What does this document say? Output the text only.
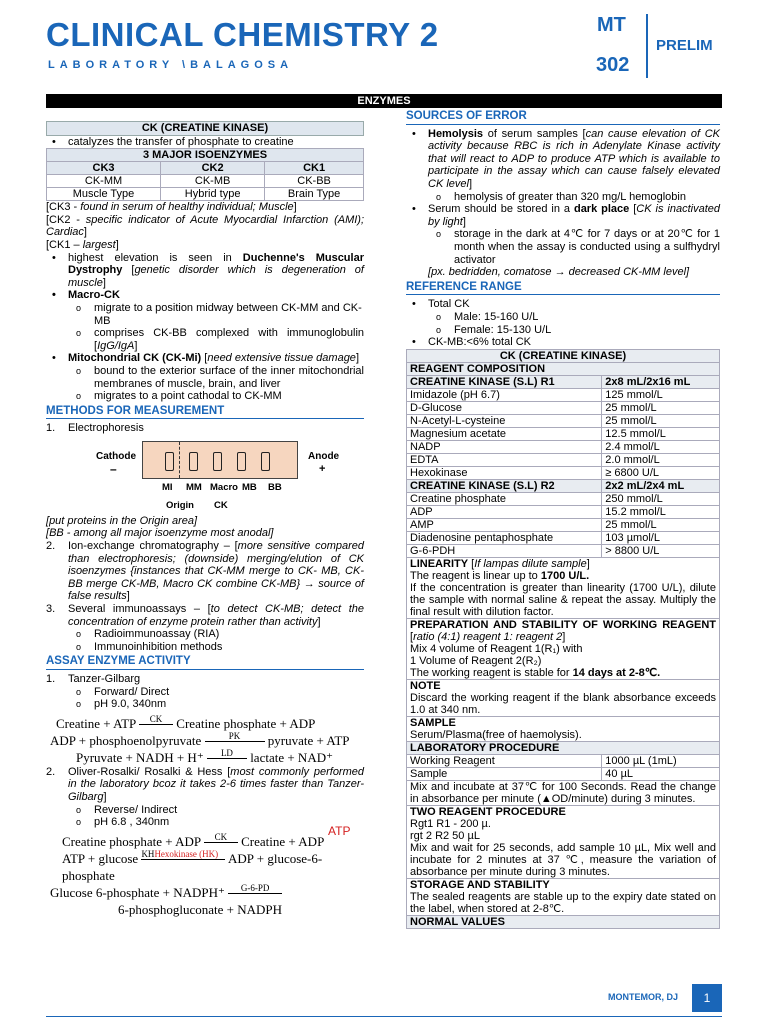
CLINICAL CHEMISTRY 2
LABORATORY \BALAGOSA
MT
302
PRELIM
ENZYMES
CK (CREATINE KINASE)
• catalyzes the transfer of phosphate to creatine
3 MAJOR ISOENZYMES		
CK3	CK2	CK1
CK-MM	CK-MB	CK-BB
Muscle Type	Hybrid type	Brain Type
[CK3 - found in serum of healthy individual; Muscle]
[CK2 - specific indicator of Acute Myocardial Infarction (AMI); Cardiac]
[CK1 – largest]
• highest elevation is seen in Duchenne's Muscular Dystrophy [genetic disorder which is degeneration of muscle]
• Macro-CK
o migrate to a position midway between CK-MM and CK-MB
o comprises CK-BB complexed with immunoglobulin [IgG/IgA]
• Mitochondrial CK (CK-Mi) [need extensive tissue damage]
o bound to the exterior surface of the inner mitochondrial membranes of muscle, brain, and liver
o migrates to a point cathodal to CK-MM
METHODS FOR MEASUREMENT
1. Electrophoresis
Cathode
–
Anode
+
MI MM Macro MB BB
Origin CK
[put proteins in the Origin area]
[BB - among all major isoenzyme most anodal]
2. Ion-exchange chromatography – [more sensitive compared than electrophoresis; (downside) merging/elution of CK isoenzymes {instances that CK-MM merge to CK- MB, CK-BB merge CK-MB, Macro CK combine CK-MB} → source of false results]
3. Several immunoassays – [to detect CK-MB; detect the concentration of enzyme protein rather than activity]
o Radioimmunoassay (RIA)
o Immunoinhibition methods
ASSAY ENZYME ACTIVITY
1. Tanzer-Gilbarg
o Forward/ Direct
o pH 9.0, 340nm
Creatine + ATP CK Creatine phosphate + ADP
ADP + phosphoenolpyruvate	PK pyruvate + ATP
Pyruvate + NADH + H⁺ LD lactate + NAD⁺
2. Oliver-Rosalki/ Rosalki & Hess [most commonly performed in the laboratory bcoz it takes 2-6 times faster than Tanzer-Gilbarg]
o Reverse/ Indirect
o pH 6.8 , 340nm
ATP
Creatine phosphate + ADP CK Creatine + ADP
ATP + glucose KHHexokinase (HK) ADP + glucose-6-phosphate
Glucose 6-phosphate + NADPH⁺ G-6-PD
6-phosphogluconate + NADPH
SOURCES OF ERROR
• Hemolysis of serum samples [can cause elevation of CK activity because RBC is rich in Adenylate Kinase activity that will react to ADP to produce ATP which is available to participate in the assay which can cause falsely elevated CK level]
o hemolysis of greater than 320 mg/L hemoglobin
• Serum should be stored in a dark place [CK is inactivated by light]
o storage in the dark at 4℃ for 7 days or at 20℃ for 1 month when the assay is conducted using a sulfhydryl activator
[px. bedridden, comatose → decreased CK-MM level]
REFERENCE RANGE
• Total CK
o Male: 15-160 U/L
o Female: 15-130 U/L
• CK-MB:<6% total CK
CK (CREATINE KINASE)	
REAGENT COMPOSITION	
CREATINE KINASE (S.L) R1	2x8 mL/2x16 mL
Imidazole (pH 6.7)	125 mmol/L
D-Glucose	25 mmol/L
N-Acetyl-L-cysteine	25 mmol/L
Magnesium acetate	12.5 mmol/L
NADP	2.4 mmol/L
EDTA	2.0 mmol/L
Hexokinase	≥ 6800 U/L
CREATINE KINASE (S.L) R2	2x2 mL/2x4 mL
Creatine phosphate	250 mmol/L
ADP	15.2 mmol/L
AMP	25 mmol/L
Diadenosine pentaphosphate	103 µmol/L
G-6-PDH	> 8800 U/L
LINEARITY [If lampas dilute sample]
The reagent is linear up to 1700 U/L.
If the concentration is greater than linearity (1700 U/L), dilute the sample with normal saline & repeat the assay. Multiply the final result with dilution factor.	
PREPARATION AND STABILITY OF WORKING REAGENT [ratio (4:1) reagent 1: reagent 2]
Mix 4 volume of Reagent 1(R₁) with
1 Volume of Reagent 2(R₂)
The working reagent is stable for 14 days at 2-8℃.	
NOTE
Discard the working reagent if the blank absorbance exceeds 1.0 at 340 nm.	
SAMPLE
Serum/Plasma(free of haemolysis).	
LABORATORY PROCEDURE	
Working Reagent	1000 µL (1mL)
Sample	40 µL
Mix and incubate at 37℃ for 100 Seconds. Read the change in absorbance per minute (▲OD/minute) during 3 minutes.	
TWO REAGENT PROCEDURE
Rgt1 R1 - 200 µ.
rgt 2 R2 50 µL
Mix and wait for 25 seconds, add sample 10 µL, Mix well and incubate for 2 minutes at 37 ℃, measure the variation of absorbance per minute during 3 minutes.	
STORAGE AND STABILITY
The sealed reagents are stable up to the expiry date stated on the label, when stored at 2-8℃.	
NORMAL VALUES	
MONTEMOR, DJ	1
